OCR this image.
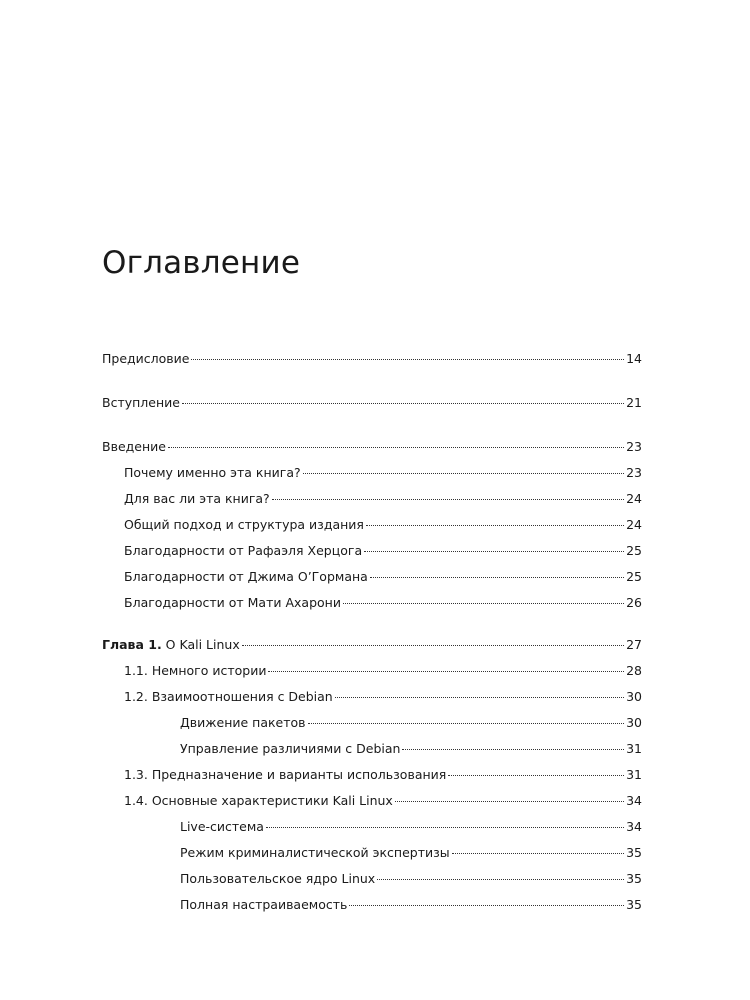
Оглавление
Предисловие	14
Вступление	21
Введение	23
Почему именно эта книга?	23
Для вас ли эта книга?	24
Общий подход и структура издания	24
Благодарности от Рафаэля Херцога	25
Благодарности от Джима О’Гормана	25
Благодарности от Мати Ахарони	26
Глава 1. О Kali Linux	27
1.1. Немного истории	28
1.2. Взаимоотношения с Debian	30
Движение пакетов	30
Управление различиями с Debian	31
1.3. Предназначение и варианты использования	31
1.4. Основные характеристики Kali Linux	34
Live-система	34
Режим криминалистической экспертизы	35
Пользовательское ядро Linux	35
Полная настраиваемость	35
